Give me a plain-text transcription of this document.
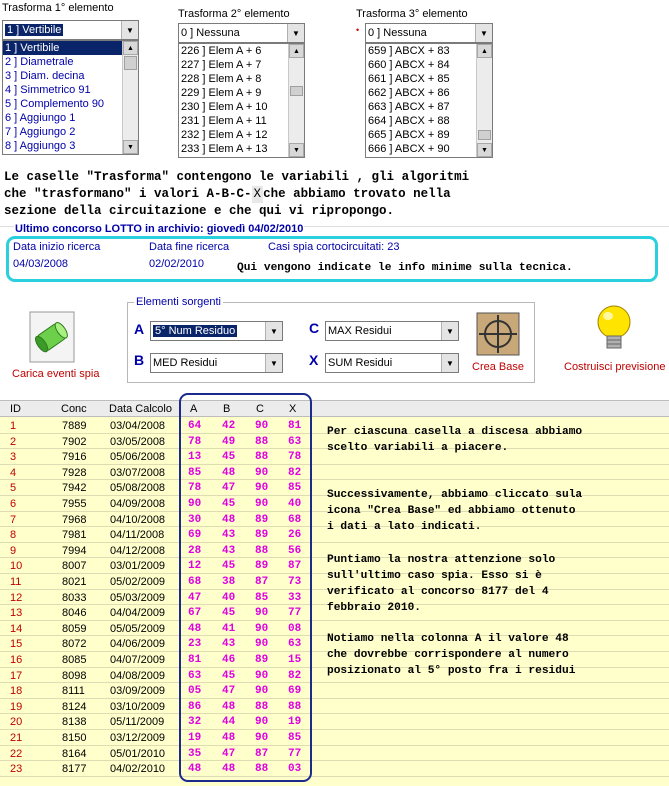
Trasforma 1° elemento
1 ] Vertibile	▼
1 ] Vertibile
2 ] Diametrale
3 ] Diam. decina
4 ] Simmetrico 91
5 ] Complemento 90
6 ] Aggiungo 1
7 ] Aggiungo 2
8 ] Aggiungo 3
▲
▼
Trasforma 2° elemento
0 ] Nessuna	▼
226 ] Elem A + 6
227 ] Elem A + 7
228 ] Elem A + 8
229 ] Elem A + 9
230 ] Elem A + 10
231 ] Elem A + 11
232 ] Elem A + 12
233 ] Elem A + 13
▲
▼
Trasforma 3° elemento
• 0 ] Nessuna	▼
659 ] ABCX + 83
660 ] ABCX + 84
661 ] ABCX + 85
662 ] ABCX + 86
663 ] ABCX + 87
664 ] ABCX + 88
665 ] ABCX + 89
666 ] ABCX + 90
▲
▼
Le caselle "Trasforma" contengono le variabili , gli algoritmi
che "trasformano" i valori A-B-C- X che abbiamo trovato nella
sezione della circuitazione e che qui vi ripropongo.
Ultimo concorso LOTTO in archivio: giovedì 04/02/2010
Data inizio ricerca
04/03/2008
Data fine ricerca
02/02/2010
Casi spia cortocircuitati: 23
Qui vengono indicate le info minime sulla tecnica.
Carica eventi spia
Elementi sorgenti
A 5° Num Residuo	▼
B MED Residui	▼
C MAX Residui	▼
X SUM Residui	▼	Crea Base	Costruisci previsione
ID	Conc Data Calcolo A B C X
1	7889 03/04/2008 64 42 90 81
2	7902 03/05/2008 78 49 88 63
3	7916 05/06/2008 13 45 88 78
4	7928 03/07/2008 85 48 90 82
5	7942 05/08/2008 78 47 90 85
6	7955 04/09/2008 90 45 90 40
7	7968 04/10/2008 30 48 89 68
8	7981 04/11/2008 69 43 89 26
9	7994 04/12/2008 28 43 88 56
10	8007 03/01/2009 12 45 89 87
11	8021 05/02/2009 68 38 87 73
12	8033 05/03/2009 47 40 85 33
13	8046 04/04/2009 67 45 90 77
14	8059 05/05/2009 48 41 90 08
15	8072 04/06/2009 23 43 90 63
16	8085 04/07/2009 81 46 89 15
17	8098 04/08/2009 63 45 90 82
18	8111 03/09/2009 05 47 90 69
19	8124 03/10/2009 86 48 88 88
20	8138 05/11/2009 32 44 90 19
21	8150 03/12/2009 19 48 90 85
22	8164 05/01/2010 35 47 87 77
23	8177 04/02/2010 48 48 88 03
Per ciascuna casella a discesa abbiamo
scelto variabili a piacere.
Successivamente, abbiamo cliccato sula
icona "Crea Base" ed abbiamo ottenuto
i dati a lato indicati.
Puntiamo la nostra attenzione solo
sull'ultimo caso spia. Esso si è
verificato al concorso 8177 del 4
febbraio 2010.
Notiamo nella colonna A il valore 48
che dovrebbe corrispondere al numero
posizionato al 5° posto fra i residui
